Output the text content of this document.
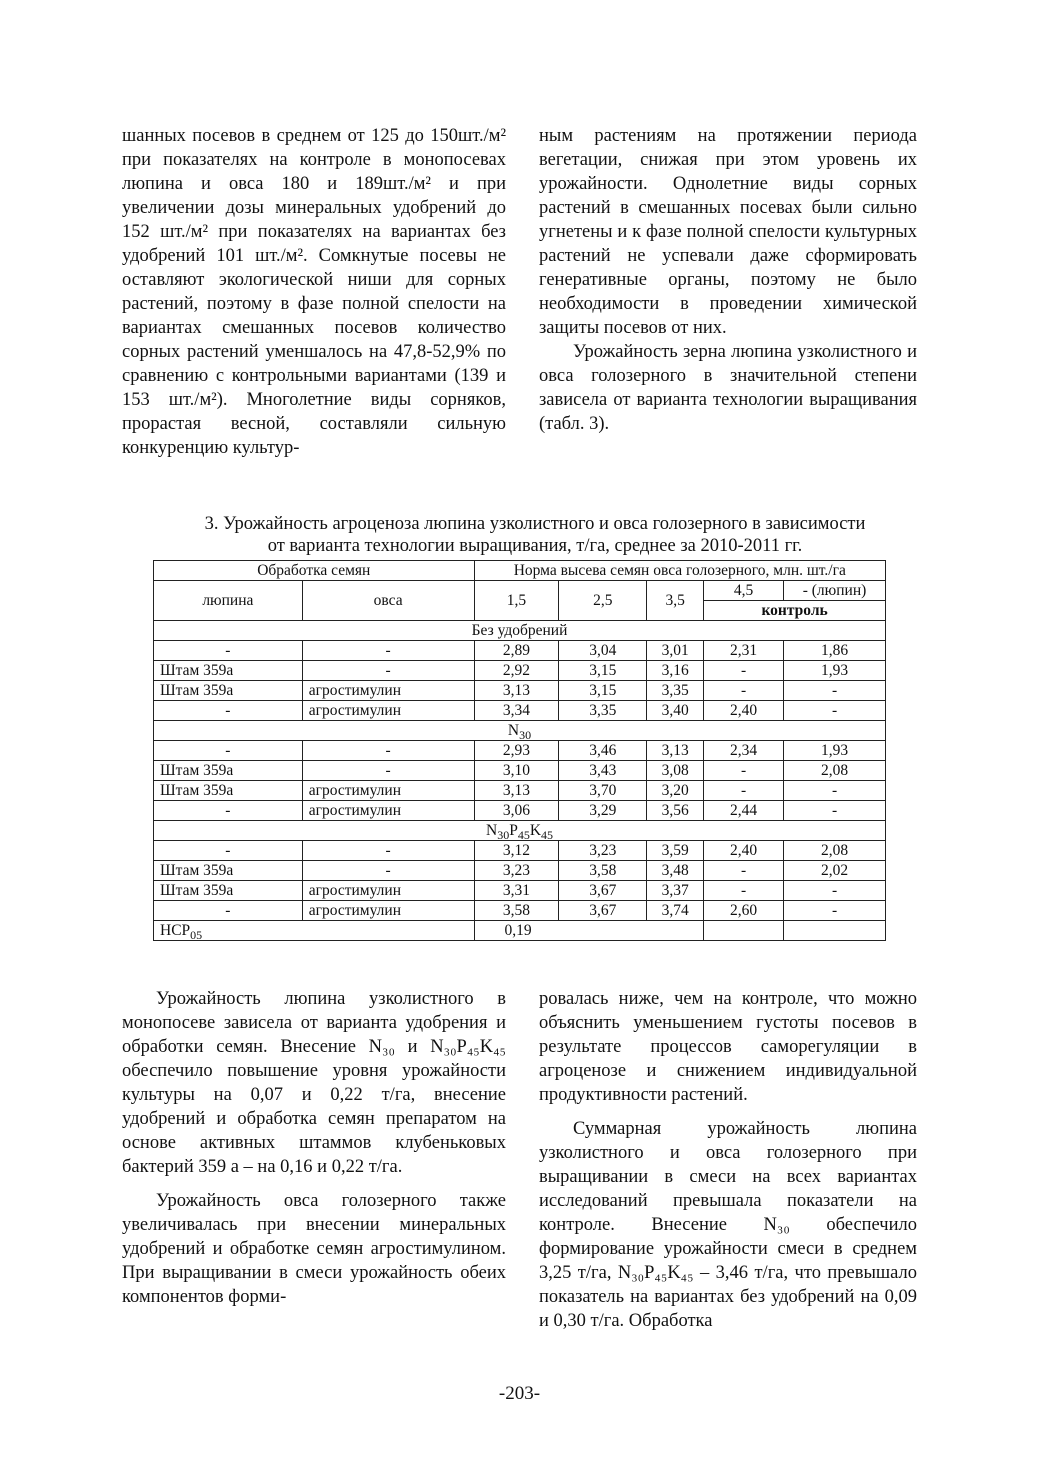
шанных посевов в среднем от 125 до 150шт./м² при показателях на контроле в монопосевах люпина и овса 180 и 189шт./м² и при увеличении дозы минеральных удобрений до 152 шт./м² при показателях на вариантах без удобрений 101 шт./м². Сомкнутые посевы не оставляют экологической ниши для сорных растений, поэтому в фазе полной спелости на вариантах смешанных посевов количество сорных растений уменшалось на 47,8-52,9% по сравнению с контрольными вариантами (139 и 153 шт./м²). Многолетние виды сорняков, прорастая весной, составляли сильную конкуренцию культур-

ным растениям на протяжении периода вегетации, снижая при этом уровень их урожайности. Однолетние виды сорных растений в смешанных посевах были сильно угнетены и к фазе полной спелости культурных растений не успевали даже сформировать генеративные органы, поэтому не было необходимости в проведении химической защиты посевов от них.

Урожайность зерна люпина узколистного и овса голозерного в значительной степени зависела от варианта технологии выращивания (табл. 3).

3. Урожайность агроценоза люпина узколистного и овса голозерного в зависимости
от варианта технологии выращивания, т/га, среднее за 2010-2011 гг.
Обработка семян		Норма высева семян овса голозерного, млн. шт./га				
люпина	овса	1,5	2,5	3,5	4,5	- (люпин)
					контроль	
Без удобрений						
-	-	2,89	3,04	3,01	2,31	1,86
Штам 359а	-	2,92	3,15	3,16	-	1,93
Штам 359а	агростимулин	3,13	3,15	3,35	-	-
-	агростимулин	3,34	3,35	3,40	2,40	-
$N_{30}$
-	-	2,93	3,46	3,13	2,34	1,93
Штам 359а	-	3,10	3,43	3,08	-	2,08
Штам 359а	агростимулин	3,13	3,70	3,20	-	-
-	агростимулин	3,06	3,29	3,56	2,44	-
$N_{30}P_{45}K_{45}$
-	-	3,12	3,23	3,59	2,40	2,08
Штам 359а	-	3,23	3,58	3,48	-	2,02
Штам 359а	агростимулин	3,31	3,67	3,37	-	-
-	агростимулин	3,58	3,67	3,74	2,60	-
$НСР_{05}$		0,19				

Урожайность люпина узколистного в монопосеве зависела от варианта удобрения и обработки семян. Внесение N₃₀ и N₃₀P₄₅K₄₅ обеспечило повышение уровня урожайности культуры на 0,07 и 0,22 т/га, внесение удобрений и обработка семян препаратом на основе активных штаммов клубеньковых бактерий 359 а – на 0,16 и 0,22 т/га.

Урожайность овса голозерного также увеличивалась при внесении минеральных удобрений и обработке семян агростимулином. При выращивании в смеси урожайность обеих компонентов форми-

ровалась ниже, чем на контроле, что можно объяснить уменьшением густоты посевов в результате процессов саморегуляции в агроценозе и снижением индивидуальной продуктивности растений.

Суммарная урожайность люпина узколистного и овса голозерного при выращивании в смеси на всех вариантах исследований превышала показатели на контроле. Внесение N₃₀ обеспечило формирование урожайности смеси в среднем 3,25 т/га, N₃₀P₄₅K₄₅ – 3,46 т/га, что превышало показатель на вариантах без удобрений на 0,09 и 0,30 т/га. Обработка

-203-
